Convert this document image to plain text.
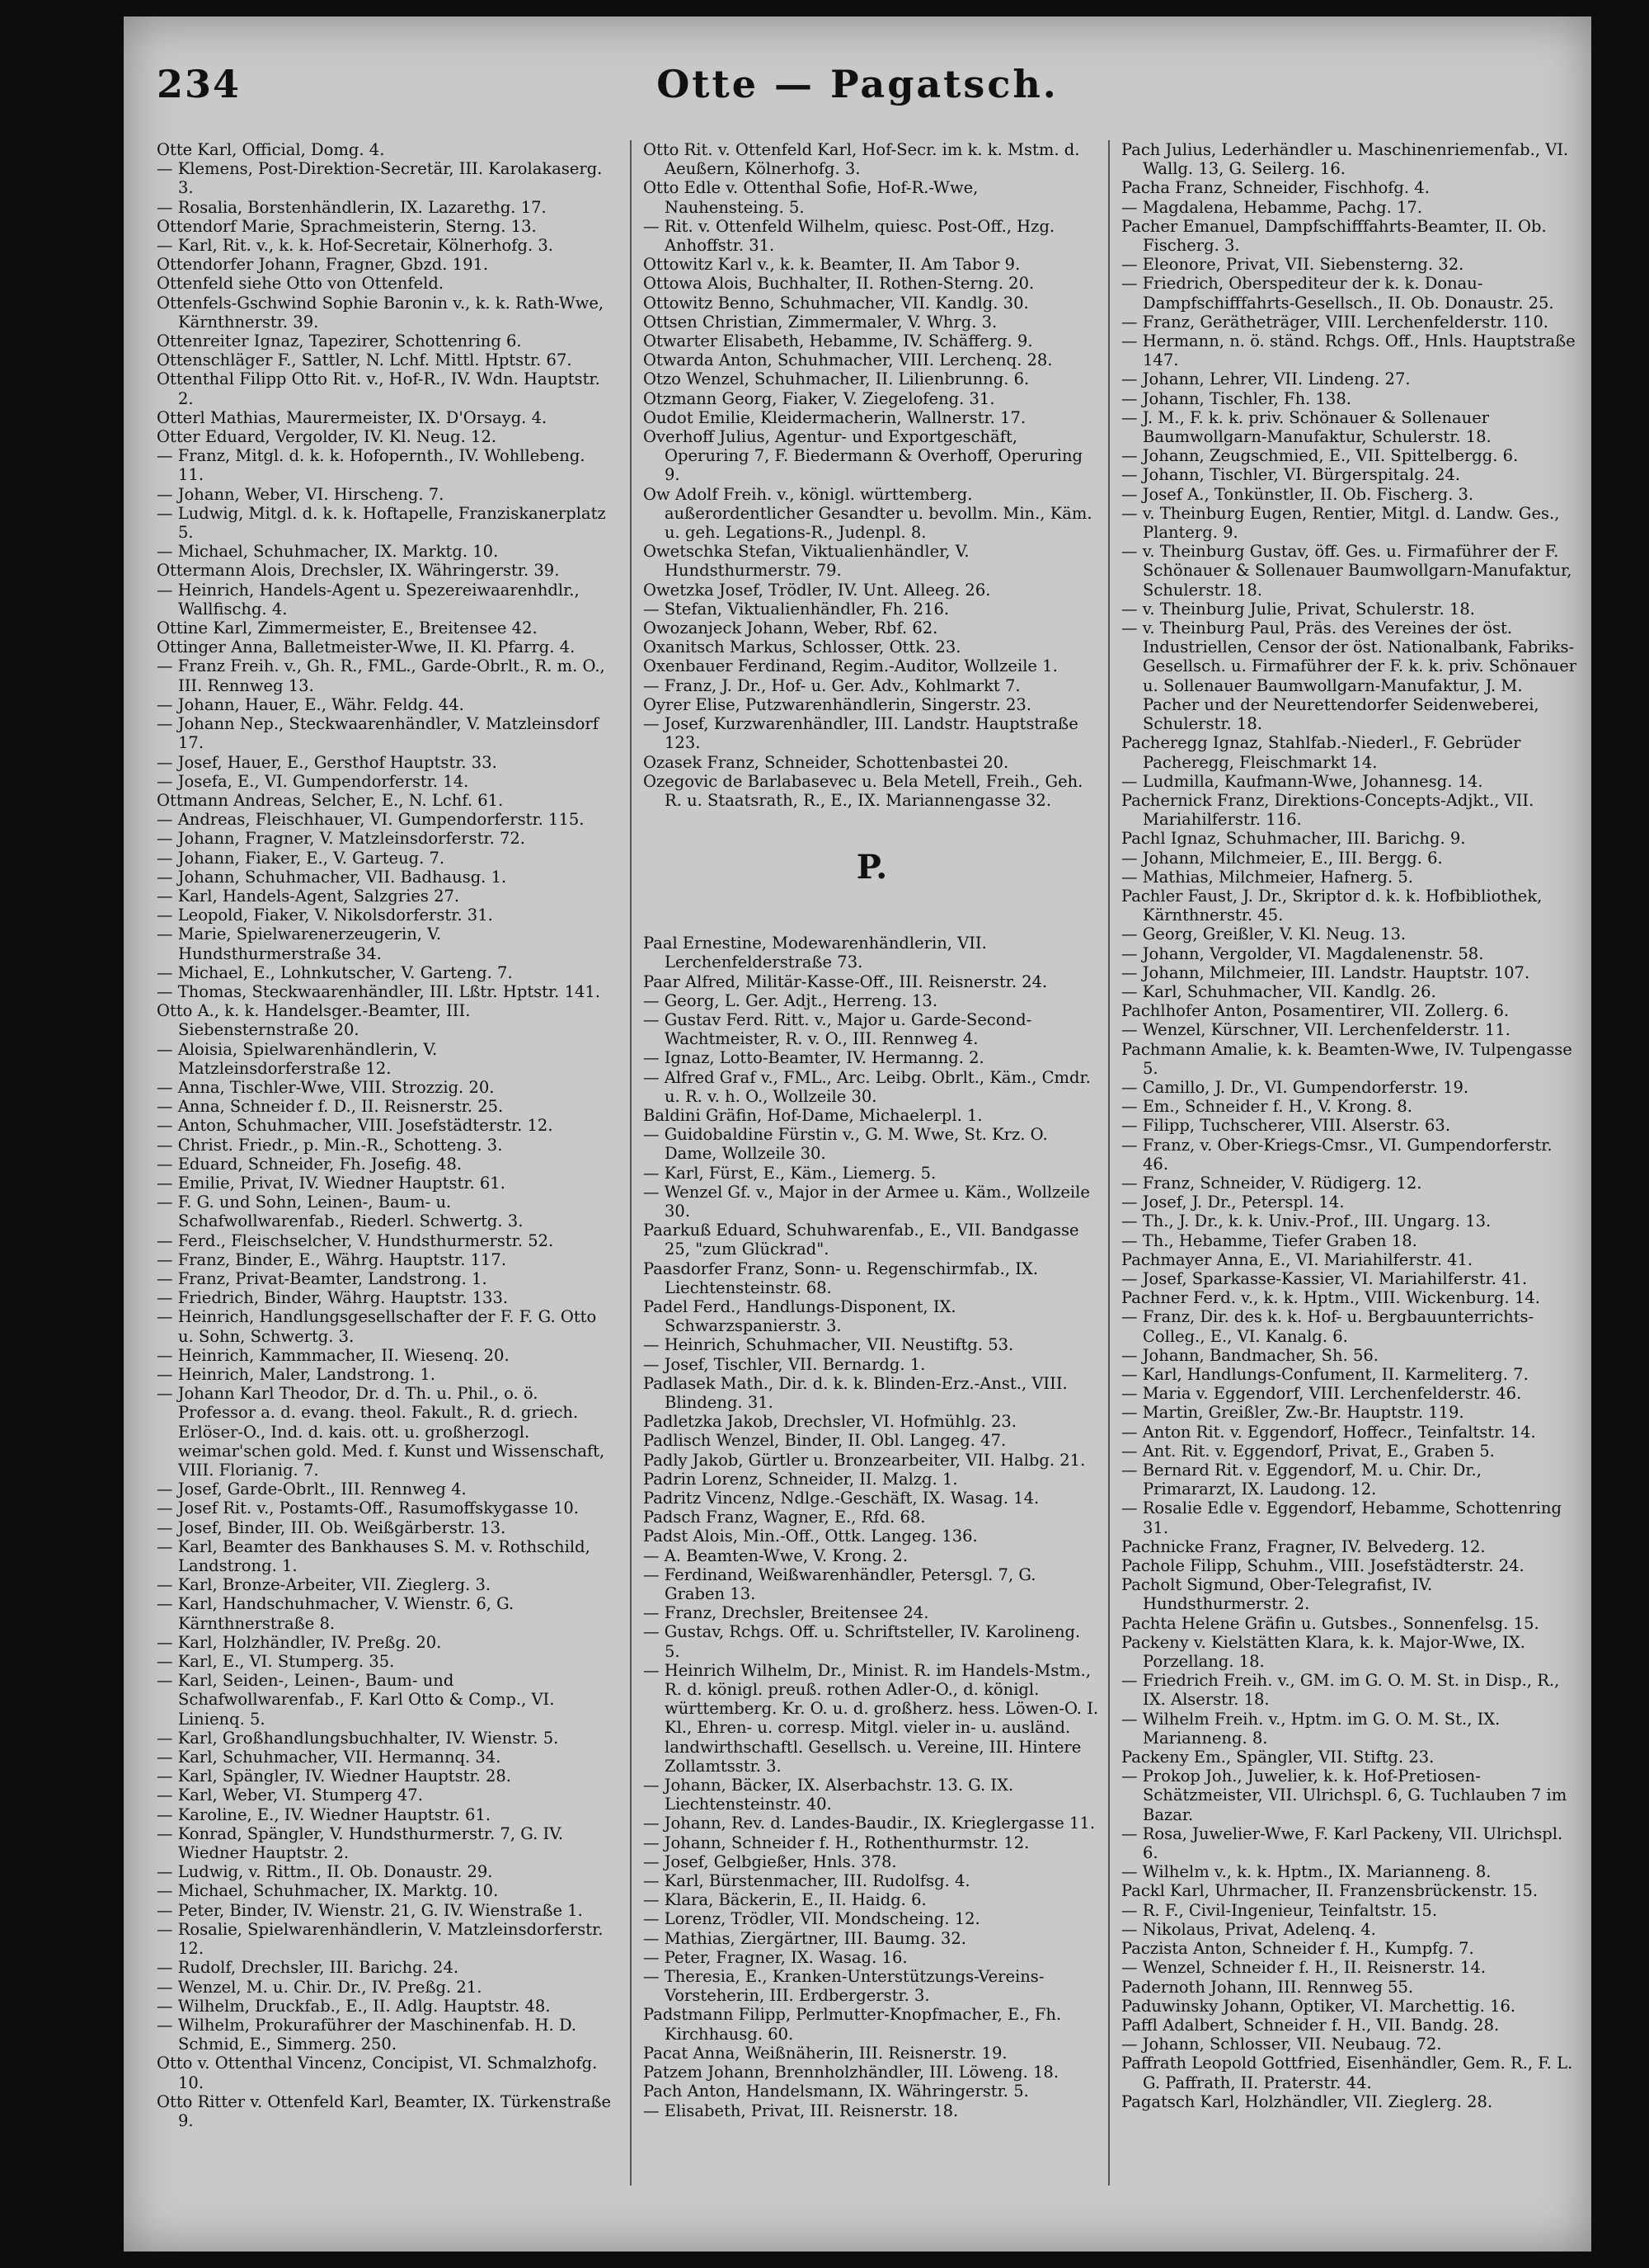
Otte — Pagatsch.
234

Otte Karl, Official, Domg. 4.

— Klemens, Post-Direktion-Secretär, III. Karolakaserg. 3.

— Rosalia, Borstenhändlerin, IX. Lazarethg. 17.

Ottendorf Marie, Sprachmeisterin, Sterng. 13.

— Karl, Rit. v., k. k. Hof-Secretair, Kölnerhofg. 3.

Ottendorfer Johann, Fragner, Gbzd. 191.

Ottenfeld siehe Otto von Ottenfeld.

Ottenfels-Gschwind Sophie Baronin v., k. k. Rath-Wwe, Kärnthnerstr. 39.

Ottenreiter Ignaz, Tapezirer, Schottenring 6.

Ottenschläger F., Sattler, N. Lchf. Mittl. Hptstr. 67.

Ottenthal Filipp Otto Rit. v., Hof-R., IV. Wdn. Hauptstr. 2.

Otterl Mathias, Maurermeister, IX. D'Orsayg. 4.

Otter Eduard, Vergolder, IV. Kl. Neug. 12.

— Franz, Mitgl. d. k. k. Hofopernth., IV. Wohllebeng. 11.

— Johann, Weber, VI. Hirscheng. 7.

— Ludwig, Mitgl. d. k. k. Hoftapelle, Franziskanerplatz 5.

— Michael, Schuhmacher, IX. Marktg. 10.

Ottermann Alois, Drechsler, IX. Währingerstr. 39.

— Heinrich, Handels-Agent u. Spezereiwaarenhdlr., Wallfischg. 4.

Ottine Karl, Zimmermeister, E., Breitensee 42.

Ottinger Anna, Balletmeister-Wwe, II. Kl. Pfarrg. 4.

— Franz Freih. v., Gh. R., FML., Garde-Obrlt., R. m. O., III. Rennweg 13.

— Johann, Hauer, E., Währ. Feldg. 44.

— Johann Nep., Steckwaarenhändler, V. Matzleinsdorf 17.

— Josef, Hauer, E., Gersthof Hauptstr. 33.

— Josefa, E., VI. Gumpendorferstr. 14.

Ottmann Andreas, Selcher, E., N. Lchf. 61.

— Andreas, Fleischhauer, VI. Gumpendorferstr. 115.

— Johann, Fragner, V. Matzleinsdorferstr. 72.

— Johann, Fiaker, E., V. Garteug. 7.

— Johann, Schuhmacher, VII. Badhausg. 1.

— Karl, Handels-Agent, Salzgries 27.

— Leopold, Fiaker, V. Nikolsdorferstr. 31.

— Marie, Spielwarenerzeugerin, V. Hundsthurmerstraße 34.

— Michael, E., Lohnkutscher, V. Garteng. 7.

— Thomas, Steckwaarenhändler, III. Lßtr. Hptstr. 141.

Otto A., k. k. Handelsger.-Beamter, III. Siebensternstraße 20.

— Aloisia, Spielwarenhändlerin, V. Matzleinsdorferstraße 12.

— Anna, Tischler-Wwe, VIII. Strozzig. 20.

— Anna, Schneider f. D., II. Reisnerstr. 25.

— Anton, Schuhmacher, VIII. Josefstädterstr. 12.

— Christ. Friedr., p. Min.-R., Schotteng. 3.

— Eduard, Schneider, Fh. Josefig. 48.

— Emilie, Privat, IV. Wiedner Hauptstr. 61.

— F. G. und Sohn, Leinen-, Baum- u. Schafwollwarenfab., Riederl. Schwertg. 3.

— Ferd., Fleischselcher, V. Hundsthurmerstr. 52.

— Franz, Binder, E., Währg. Hauptstr. 117.

— Franz, Privat-Beamter, Landstrong. 1.

— Friedrich, Binder, Währg. Hauptstr. 133.

— Heinrich, Handlungsgesellschafter der F. F. G. Otto u. Sohn, Schwertg. 3.

— Heinrich, Kammmacher, II. Wiesenq. 20.

— Heinrich, Maler, Landstrong. 1.

— Johann Karl Theodor, Dr. d. Th. u. Phil., o. ö. Professor a. d. evang. theol. Fakult., R. d. griech. Erlöser-O., Ind. d. kais. ott. u. großherzogl. weimar'schen gold. Med. f. Kunst und Wissenschaft, VIII. Florianig. 7.

— Josef, Garde-Obrlt., III. Rennweg 4.

— Josef Rit. v., Postamts-Off., Rasumoffskygasse 10.

— Josef, Binder, III. Ob. Weißgärberstr. 13.

— Karl, Beamter des Bankhauses S. M. v. Rothschild, Landstrong. 1.

— Karl, Bronze-Arbeiter, VII. Zieglerg. 3.

— Karl, Handschuhmacher, V. Wienstr. 6, G. Kärnthnerstraße 8.

— Karl, Holzhändler, IV. Preßg. 20.

— Karl, E., VI. Stumperg. 35.

— Karl, Seiden-, Leinen-, Baum- und Schafwollwarenfab., F. Karl Otto & Comp., VI. Linienq. 5.

— Karl, Großhandlungsbuchhalter, IV. Wienstr. 5.

— Karl, Schuhmacher, VII. Hermannq. 34.

— Karl, Spängler, IV. Wiedner Hauptstr. 28.

— Karl, Weber, VI. Stumperg 47.

— Karoline, E., IV. Wiedner Hauptstr. 61.

— Konrad, Spängler, V. Hundsthurmerstr. 7, G. IV. Wiedner Hauptstr. 2.

— Ludwig, v. Rittm., II. Ob. Donaustr. 29.

— Michael, Schuhmacher, IX. Marktg. 10.

— Peter, Binder, IV. Wienstr. 21, G. IV. Wienstraße 1.

— Rosalie, Spielwarenhändlerin, V. Matzleinsdorferstr. 12.

— Rudolf, Drechsler, III. Barichg. 24.

— Wenzel, M. u. Chir. Dr., IV. Preßg. 21.

— Wilhelm, Druckfab., E., II. Adlg. Hauptstr. 48.

— Wilhelm, Prokuraführer der Maschinenfab. H. D. Schmid, E., Simmerg. 250.

Otto v. Ottenthal Vincenz, Concipist, VI. Schmalzhofg. 10.

Otto Ritter v. Ottenfeld Karl, Beamter, IX. Türkenstraße 9.

Otto Rit. v. Ottenfeld Karl, Hof-Secr. im k. k. Mstm. d. Aeußern, Kölnerhofg. 3.

Otto Edle v. Ottenthal Sofie, Hof-R.-Wwe, Nauhensteing. 5.

— Rit. v. Ottenfeld Wilhelm, quiesc. Post-Off., Hzg. Anhoffstr. 31.

Ottowitz Karl v., k. k. Beamter, II. Am Tabor 9.

Ottowa Alois, Buchhalter, II. Rothen-Sterng. 20.

Ottowitz Benno, Schuhmacher, VII. Kandlg. 30.

Ottsen Christian, Zimmermaler, V. Whrg. 3.

Otwarter Elisabeth, Hebamme, IV. Schäfferg. 9.

Otwarda Anton, Schuhmacher, VIII. Lerchenq. 28.

Otzo Wenzel, Schuhmacher, II. Lilienbrunng. 6.

Otzmann Georg, Fiaker, V. Ziegelofeng. 31.

Oudot Emilie, Kleidermacherin, Wallnerstr. 17.

Overhoff Julius, Agentur- und Exportgeschäft, Operuring 7, F. Biedermann & Overhoff, Operuring 9.

Ow Adolf Freih. v., königl. württemberg. außerordentlicher Gesandter u. bevollm. Min., Käm. u. geh. Legations-R., Judenpl. 8.

Owetschka Stefan, Viktualienhändler, V. Hundsthurmerstr. 79.

Owetzka Josef, Trödler, IV. Unt. Alleeg. 26.

— Stefan, Viktualienhändler, Fh. 216.

Owozanjeck Johann, Weber, Rbf. 62.

Oxanitsch Markus, Schlosser, Ottk. 23.

Oxenbauer Ferdinand, Regim.-Auditor, Wollzeile 1.

— Franz, J. Dr., Hof- u. Ger. Adv., Kohlmarkt 7.

Oyrer Elise, Putzwarenhändlerin, Singerstr. 23.

— Josef, Kurzwarenhändler, III. Landstr. Hauptstraße 123.

Ozasek Franz, Schneider, Schottenbastei 20.

Ozegovic de Barlabasevec u. Bela Metell, Freih., Geh. R. u. Staatsrath, R., E., IX. Mariannengasse 32.

P.

Paal Ernestine, Modewarenhändlerin, VII. Lerchenfelderstraße 73.

Paar Alfred, Militär-Kasse-Off., III. Reisnerstr. 24.

— Georg, L. Ger. Adjt., Herreng. 13.

— Gustav Ferd. Ritt. v., Major u. Garde-Second-Wachtmeister, R. v. O., III. Rennweg 4.

— Ignaz, Lotto-Beamter, IV. Hermanng. 2.

— Alfred Graf v., FML., Arc. Leibg. Obrlt., Käm., Cmdr. u. R. v. h. O., Wollzeile 30.

Baldini Gräfin, Hof-Dame, Michaelerpl. 1.

— Guidobaldine Fürstin v., G. M. Wwe, St. Krz. O. Dame, Wollzeile 30.

— Karl, Fürst, E., Käm., Liemerg. 5.

— Wenzel Gf. v., Major in der Armee u. Käm., Wollzeile 30.

Paarkuß Eduard, Schuhwarenfab., E., VII. Bandgasse 25, "zum Glückrad".

Paasdorfer Franz, Sonn- u. Regenschirmfab., IX. Liechtensteinstr. 68.

Padel Ferd., Handlungs-Disponent, IX. Schwarzspanierstr. 3.

— Heinrich, Schuhmacher, VII. Neustiftg. 53.

— Josef, Tischler, VII. Bernardg. 1.

Padlasek Math., Dir. d. k. k. Blinden-Erz.-Anst., VIII. Blindeng. 31.

Padletzka Jakob, Drechsler, VI. Hofmühlg. 23.

Padlisch Wenzel, Binder, II. Obl. Langeg. 47.

Padly Jakob, Gürtler u. Bronzearbeiter, VII. Halbg. 21.

Padrin Lorenz, Schneider, II. Malzg. 1.

Padritz Vincenz, Ndlge.-Geschäft, IX. Wasag. 14.

Padsch Franz, Wagner, E., Rfd. 68.

Padst Alois, Min.-Off., Ottk. Langeg. 136.

— A. Beamten-Wwe, V. Krong. 2.

— Ferdinand, Weißwarenhändler, Petersgl. 7, G. Graben 13.

— Franz, Drechsler, Breitensee 24.

— Gustav, Rchgs. Off. u. Schriftsteller, IV. Karolineng. 5.

— Heinrich Wilhelm, Dr., Minist. R. im Handels-Mstm., R. d. königl. preuß. rothen Adler-O., d. königl. württemberg. Kr. O. u. d. großherz. hess. Löwen-O. I. Kl., Ehren- u. corresp. Mitgl. vieler in- u. ausländ. landwirthschaftl. Gesellsch. u. Vereine, III. Hintere Zollamtsstr. 3.

— Johann, Bäcker, IX. Alserbachstr. 13. G. IX. Liechtensteinstr. 40.

— Johann, Rev. d. Landes-Baudir., IX. Krieglergasse 11.

— Johann, Schneider f. H., Rothenthurmstr. 12.

— Josef, Gelbgießer, Hnls. 378.

— Karl, Bürstenmacher, III. Rudolfsg. 4.

— Klara, Bäckerin, E., II. Haidg. 6.

— Lorenz, Trödler, VII. Mondscheing. 12.

— Mathias, Ziergärtner, III. Baumg. 32.

— Peter, Fragner, IX. Wasag. 16.

— Theresia, E., Kranken-Unterstützungs-Vereins-Vorsteherin, III. Erdbergerstr. 3.

Padstmann Filipp, Perlmutter-Knopfmacher, E., Fh. Kirchhausg. 60.

Pacat Anna, Weißnäherin, III. Reisnerstr. 19.

Patzem Johann, Brennholzhändler, III. Löweng. 18.

Pach Anton, Handelsmann, IX. Währingerstr. 5.

— Elisabeth, Privat, III. Reisnerstr. 18.

Pach Julius, Lederhändler u. Maschinenriemenfab., VI. Wallg. 13, G. Seilerg. 16.

Pacha Franz, Schneider, Fischhofg. 4.

— Magdalena, Hebamme, Pachg. 17.

Pacher Emanuel, Dampfschifffahrts-Beamter, II. Ob. Fischerg. 3.

— Eleonore, Privat, VII. Siebensterng. 32.

— Friedrich, Oberspediteur der k. k. Donau-Dampfschifffahrts-Gesellsch., II. Ob. Donaustr. 25.

— Franz, Gerätheträger, VIII. Lerchenfelderstr. 110.

— Hermann, n. ö. ständ. Rchgs. Off., Hnls. Hauptstraße 147.

— Johann, Lehrer, VII. Lindeng. 27.

— Johann, Tischler, Fh. 138.

— J. M., F. k. k. priv. Schönauer & Sollenauer Baumwollgarn-Manufaktur, Schulerstr. 18.

— Johann, Zeugschmied, E., VII. Spittelbergg. 6.

— Johann, Tischler, VI. Bürgerspitalg. 24.

— Josef A., Tonkünstler, II. Ob. Fischerg. 3.

— v. Theinburg Eugen, Rentier, Mitgl. d. Landw. Ges., Planterg. 9.

— v. Theinburg Gustav, öff. Ges. u. Firmaführer der F. Schönauer & Sollenauer Baumwollgarn-Manufaktur, Schulerstr. 18.

— v. Theinburg Julie, Privat, Schulerstr. 18.

— v. Theinburg Paul, Präs. des Vereines der öst. Industriellen, Censor der öst. Nationalbank, Fabriks-Gesellsch. u. Firmaführer der F. k. k. priv. Schönauer u. Sollenauer Baumwollgarn-Manufaktur, J. M. Pacher und der Neurettendorfer Seidenweberei, Schulerstr. 18.

Pacheregg Ignaz, Stahlfab.-Niederl., F. Gebrüder Pacheregg, Fleischmarkt 14.

— Ludmilla, Kaufmann-Wwe, Johannesg. 14.

Pachernick Franz, Direktions-Concepts-Adjkt., VII. Mariahilferstr. 116.

Pachl Ignaz, Schuhmacher, III. Barichg. 9.

— Johann, Milchmeier, E., III. Bergg. 6.

— Mathias, Milchmeier, Hafnerg. 5.

Pachler Faust, J. Dr., Skriptor d. k. k. Hofbibliothek, Kärnthnerstr. 45.

— Georg, Greißler, V. Kl. Neug. 13.

— Johann, Vergolder, VI. Magdalenenstr. 58.

— Johann, Milchmeier, III. Landstr. Hauptstr. 107.

— Karl, Schuhmacher, VII. Kandlg. 26.

Pachlhofer Anton, Posamentirer, VII. Zollerg. 6.

— Wenzel, Kürschner, VII. Lerchenfelderstr. 11.

Pachmann Amalie, k. k. Beamten-Wwe, IV. Tulpengasse 5.

— Camillo, J. Dr., VI. Gumpendorferstr. 19.

— Em., Schneider f. H., V. Krong. 8.

— Filipp, Tuchscherer, VIII. Alserstr. 63.

— Franz, v. Ober-Kriegs-Cmsr., VI. Gumpendorferstr. 46.

— Franz, Schneider, V. Rüdigerg. 12.

— Josef, J. Dr., Peterspl. 14.

— Th., J. Dr., k. k. Univ.-Prof., III. Ungarg. 13.

— Th., Hebamme, Tiefer Graben 18.

Pachmayer Anna, E., VI. Mariahilferstr. 41.

— Josef, Sparkasse-Kassier, VI. Mariahilferstr. 41.

Pachner Ferd. v., k. k. Hptm., VIII. Wickenburg. 14.

— Franz, Dir. des k. k. Hof- u. Bergbauunterrichts-Colleg., E., VI. Kanalg. 6.

— Johann, Bandmacher, Sh. 56.

— Karl, Handlungs-Confument, II. Karmeliterg. 7.

— Maria v. Eggendorf, VIII. Lerchenfelderstr. 46.

— Martin, Greißler, Zw.-Br. Hauptstr. 119.

— Anton Rit. v. Eggendorf, Hoffecr., Teinfaltstr. 14.

— Ant. Rit. v. Eggendorf, Privat, E., Graben 5.

— Bernard Rit. v. Eggendorf, M. u. Chir. Dr., Primararzt, IX. Laudong. 12.

— Rosalie Edle v. Eggendorf, Hebamme, Schottenring 31.

Pachnicke Franz, Fragner, IV. Belvederg. 12.

Pachole Filipp, Schuhm., VIII. Josefstädterstr. 24.

Pacholt Sigmund, Ober-Telegrafist, IV. Hundsthurmerstr. 2.

Pachta Helene Gräfin u. Gutsbes., Sonnenfelsg. 15.

Packeny v. Kielstätten Klara, k. k. Major-Wwe, IX. Porzellang. 18.

— Friedrich Freih. v., GM. im G. O. M. St. in Disp., R., IX. Alserstr. 18.

— Wilhelm Freih. v., Hptm. im G. O. M. St., IX. Marianneng. 8.

Packeny Em., Spängler, VII. Stiftg. 23.

— Prokop Joh., Juwelier, k. k. Hof-Pretiosen-Schätzmeister, VII. Ulrichspl. 6, G. Tuchlauben 7 im Bazar.

— Rosa, Juwelier-Wwe, F. Karl Packeny, VII. Ulrichspl. 6.

— Wilhelm v., k. k. Hptm., IX. Marianneng. 8.

Packl Karl, Uhrmacher, II. Franzensbrückenstr. 15.

— R. F., Civil-Ingenieur, Teinfaltstr. 15.

— Nikolaus, Privat, Adelenq. 4.

Paczista Anton, Schneider f. H., Kumpfg. 7.

— Wenzel, Schneider f. H., II. Reisnerstr. 14.

Padernoth Johann, III. Rennweg 55.

Paduwinsky Johann, Optiker, VI. Marchettig. 16.

Paffl Adalbert, Schneider f. H., VII. Bandg. 28.

— Johann, Schlosser, VII. Neubaug. 72.

Paffrath Leopold Gottfried, Eisenhändler, Gem. R., F. L. G. Paffrath, II. Praterstr. 44.

Pagatsch Karl, Holzhändler, VII. Zieglerg. 28.
